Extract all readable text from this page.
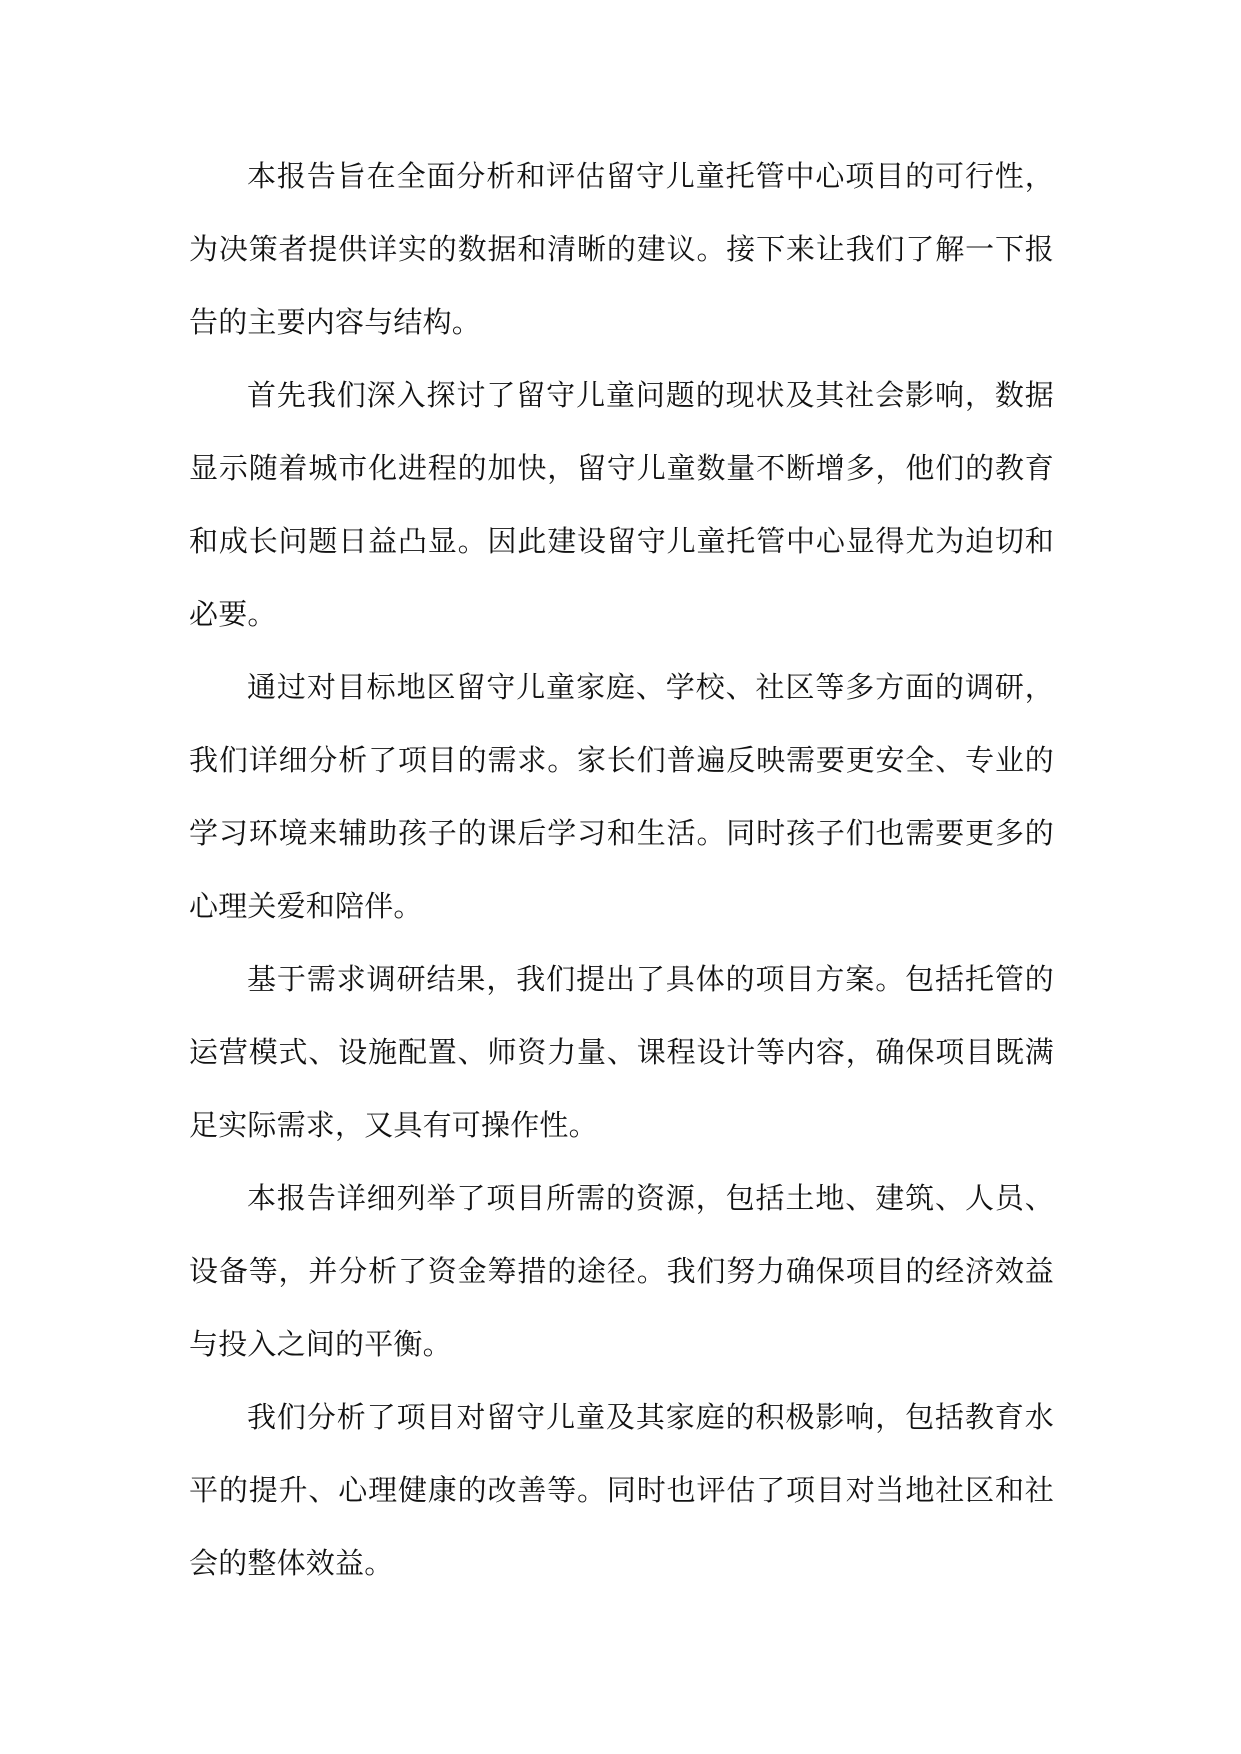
本报告旨在全面分析和评估留守儿童托管中心项目的可行性，为决策者提供详实的数据和清晰的建议。接下来让我们了解一下报告的主要内容与结构。

首先我们深入探讨了留守儿童问题的现状及其社会影响，数据显示随着城市化进程的加快，留守儿童数量不断增多，他们的教育和成长问题日益凸显。因此建设留守儿童托管中心显得尤为迫切和必要。

通过对目标地区留守儿童家庭、学校、社区等多方面的调研，我们详细分析了项目的需求。家长们普遍反映需要更安全、专业的学习环境来辅助孩子的课后学习和生活。同时孩子们也需要更多的心理关爱和陪伴。

基于需求调研结果，我们提出了具体的项目方案。包括托管的运营模式、设施配置、师资力量、课程设计等内容，确保项目既满足实际需求，又具有可操作性。

本报告详细列举了项目所需的资源，包括土地、建筑、人员、设备等，并分析了资金筹措的途径。我们努力确保项目的经济效益与投入之间的平衡。

我们分析了项目对留守儿童及其家庭的积极影响，包括教育水平的提升、心理健康的改善等。同时也评估了项目对当地社区和社会的整体效益。
